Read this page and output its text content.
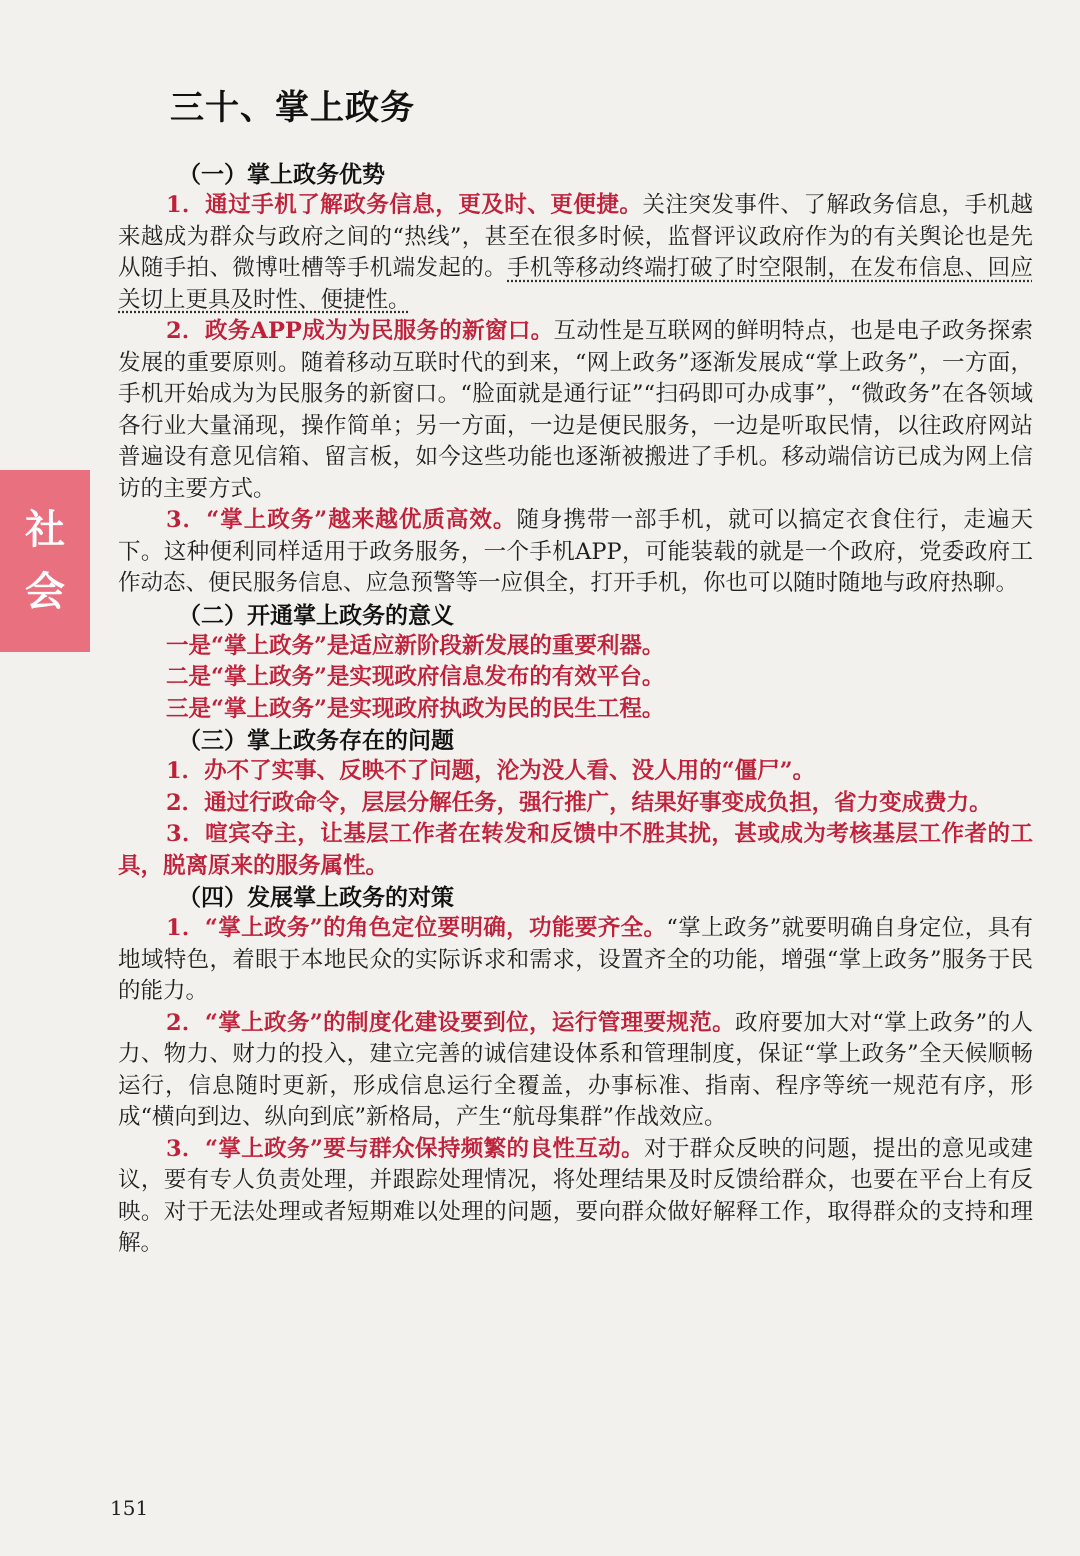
社
会
三十、掌上政务
（一）掌上政务优势

1．通过手机了解政务信息，更及时、更便捷。关注突发事件、了解政务信息，手机越来越成为群众与政府之间的“热线”，甚至在很多时候，监督评议政府作为的有关舆论也是先从随手拍、微博吐槽等手机端发起的。手机等移动终端打破了时空限制，在发布信息、回应关切上更具及时性、便捷性。

2．政务APP成为为民服务的新窗口。互动性是互联网的鲜明特点，也是电子政务探索发展的重要原则。随着移动互联时代的到来，“网上政务”逐渐发展成“掌上政务”，一方面，手机开始成为为民服务的新窗口。“脸面就是通行证”“扫码即可办成事”，“微政务”在各领域各行业大量涌现，操作简单；另一方面，一边是便民服务，一边是听取民情，以往政府网站普遍设有意见信箱、留言板，如今这些功能也逐渐被搬进了手机。移动端信访已成为网上信访的主要方式。

3．“掌上政务”越来越优质高效。随身携带一部手机，就可以搞定衣食住行，走遍天下。这种便利同样适用于政务服务，一个手机APP，可能装载的就是一个政府，党委政府工作动态、便民服务信息、应急预警等一应俱全，打开手机，你也可以随时随地与政府热聊。

（二）开通掌上政务的意义
一是“掌上政务”是适应新阶段新发展的重要利器。
二是“掌上政务”是实现政府信息发布的有效平台。
三是“掌上政务”是实现政府执政为民的民生工程。
（三）掌上政务存在的问题

1．办不了实事、反映不了问题，沦为没人看、没人用的“僵尸”。

2．通过行政命令，层层分解任务，强行推广，结果好事变成负担，省力变成费力。

3．喧宾夺主，让基层工作者在转发和反馈中不胜其扰，甚或成为考核基层工作者的工具，脱离原来的服务属性。

（四）发展掌上政务的对策

1．“掌上政务”的角色定位要明确，功能要齐全。“掌上政务”就要明确自身定位，具有地域特色，着眼于本地民众的实际诉求和需求，设置齐全的功能，增强“掌上政务”服务于民的能力。

2．“掌上政务”的制度化建设要到位，运行管理要规范。政府要加大对“掌上政务”的人力、物力、财力的投入，建立完善的诚信建设体系和管理制度，保证“掌上政务”全天候顺畅运行，信息随时更新，形成信息运行全覆盖，办事标准、指南、程序等统一规范有序，形成“横向到边、纵向到底”新格局，产生“航母集群”作战效应。

3．“掌上政务”要与群众保持频繁的良性互动。对于群众反映的问题，提出的意见或建议，要有专人负责处理，并跟踪处理情况，将处理结果及时反馈给群众，也要在平台上有反映。对于无法处理或者短期难以处理的问题，要向群众做好解释工作，取得群众的支持和理解。

151
